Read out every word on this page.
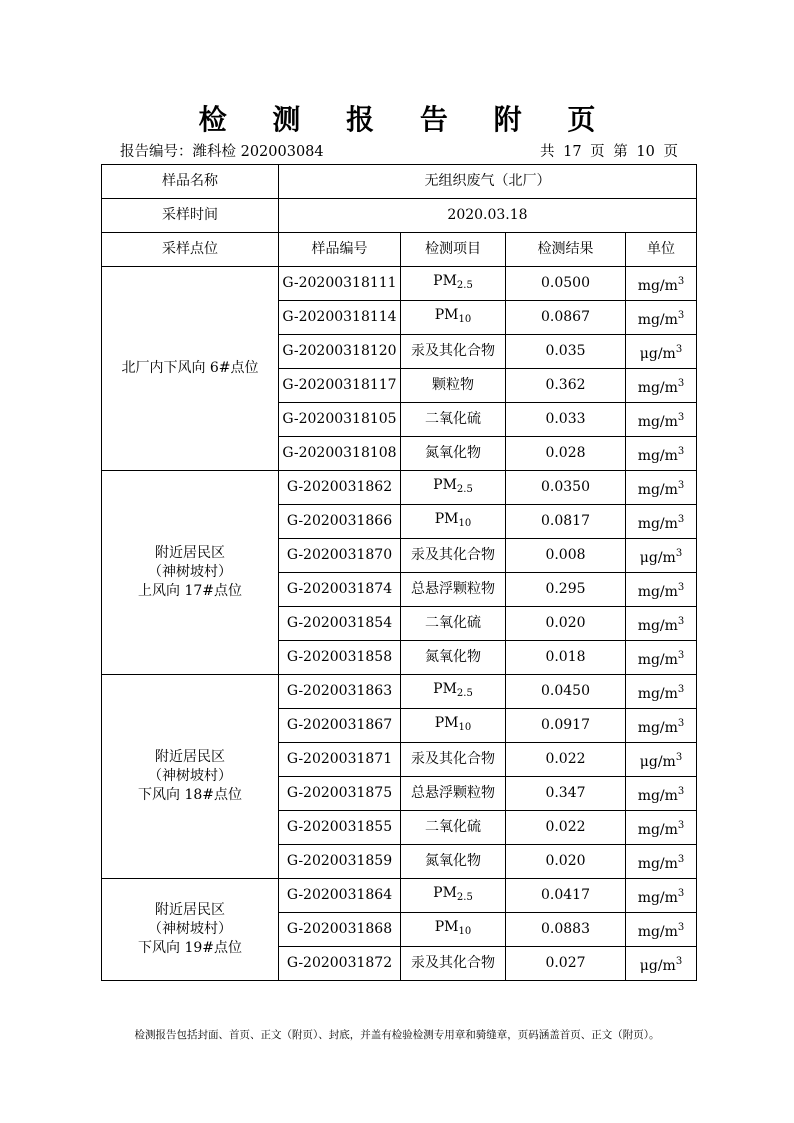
检 测 报 告 附 页
报告编号：潍科检 202003084	共 17 页 第 10 页
样品名称	无组织废气（北厂）			
采样时间	2020.03.18			
采样点位	样品编号	检测项目	检测结果	单位
北厂内下风向 6#点位	G-20200318111	$PM_{2.5}$	0.0500	$mg/m^3$
	G-20200318114	$PM_{10}$	0.0867	$mg/m^3$
	G-20200318120	汞及其化合物	0.035	$\mu g/m^3$
	G-20200318117	颗粒物	0.362	$mg/m^3$
	G-20200318105	二氧化硫	0.033	$mg/m^3$
	G-20200318108	氮氧化物	0.028	$mg/m^3$
附近居民区
（神树坡村）
上风向 17#点位	G-2020031862	$PM_{2.5}$	0.0350	$mg/m^3$
	G-2020031866	$PM_{10}$	0.0817	$mg/m^3$
	G-2020031870	汞及其化合物	0.008	$\mu g/m^3$
	G-2020031874	总悬浮颗粒物	0.295	$mg/m^3$
	G-2020031854	二氧化硫	0.020	$mg/m^3$
	G-2020031858	氮氧化物	0.018	$mg/m^3$
附近居民区
（神树坡村）
下风向 18#点位	G-2020031863	$PM_{2.5}$	0.0450	$mg/m^3$
	G-2020031867	$PM_{10}$	0.0917	$mg/m^3$
	G-2020031871	汞及其化合物	0.022	$\mu g/m^3$
	G-2020031875	总悬浮颗粒物	0.347	$mg/m^3$
	G-2020031855	二氧化硫	0.022	$mg/m^3$
	G-2020031859	氮氧化物	0.020	$mg/m^3$
附近居民区
（神树坡村）
下风向 19#点位	G-2020031864	$PM_{2.5}$	0.0417	$mg/m^3$
	G-2020031868	$PM_{10}$	0.0883	$mg/m^3$
	G-2020031872	汞及其化合物	0.027	$\mu g/m^3$
检测报告包括封面、首页、正文（附页）、封底，并盖有检验检测专用章和骑缝章，页码涵盖首页、正文（附页）。
